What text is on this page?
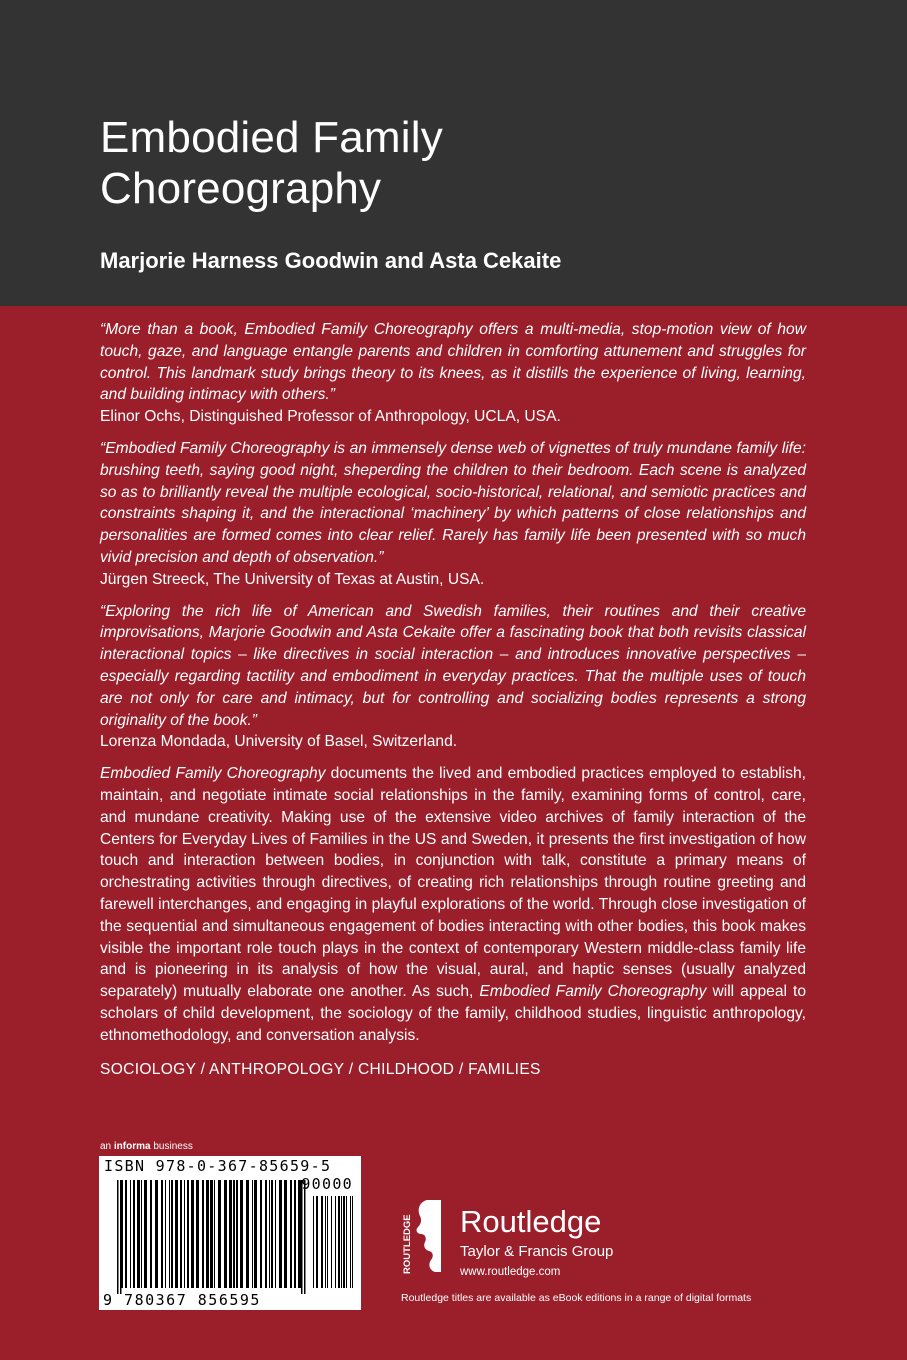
Embodied Family
Choreography
Marjorie Harness Goodwin and Asta Cekaite

“More than a book, Embodied Family Choreography offers a multi-media, stop-motion view of how touch, gaze, and language entangle parents and children in comforting attunement and struggles for control. This landmark study brings theory to its knees, as it distills the experience of living, learning, and building intimacy with others.”

Elinor Ochs, Distinguished Professor of Anthropology, UCLA, USA.

“Embodied Family Choreography is an immensely dense web of vignettes of truly mundane family life: brushing teeth, saying good night, sheperding the children to their bedroom. Each scene is analyzed so as to brilliantly reveal the multiple ecological, socio-historical, relational, and semiotic practices and constraints shaping it, and the interactional ‘machinery’ by which patterns of close relationships and personalities are formed comes into clear relief. Rarely has family life been presented with so much vivid precision and depth of observation.”

Jürgen Streeck, The University of Texas at Austin, USA.

“Exploring the rich life of American and Swedish families, their routines and their creative improvisations, Marjorie Goodwin and Asta Cekaite offer a fascinating book that both revisits classical interactional topics – like directives in social interaction – and introduces innovative perspectives – especially regarding tactility and embodiment in everyday practices. That the multiple uses of touch are not only for care and intimacy, but for controlling and socializing bodies represents a strong originality of the book.”

Lorenza Mondada, University of Basel, Switzerland.

Embodied Family Choreography documents the lived and embodied practices employed to establish, maintain, and negotiate intimate social relationships in the family, examining forms of control, care, and mundane creativity. Making use of the extensive video archives of family interaction of the Centers for Everyday Lives of Families in the US and Sweden, it presents the first investigation of how touch and interaction between bodies, in conjunction with talk, constitute a primary means of orchestrating activities through directives, of creating rich relationships through routine greeting and farewell interchanges, and engaging in playful explorations of the world. Through close investigation of the sequential and simultaneous engagement of bodies interacting with other bodies, this book makes visible the important role touch plays in the context of contemporary Western middle-class family life and is pioneering in its analysis of how the visual, aural, and haptic senses (usually analyzed separately) mutually elaborate one another. As such, Embodied Family Choreography will appeal to scholars of child development, the sociology of the family, childhood studies, linguistic anthropology, ethnomethodology, and conversation analysis.

SOCIOLOGY / ANTHROPOLOGY / CHILDHOOD / FAMILIES

an informa business
ISBN 978-0-367-85659-5
90000
9 780367 856595
ROUTLEDGE Routledge
Taylor & Francis Group
www.routledge.com
Routledge titles are available as eBook editions in a range of digital formats
